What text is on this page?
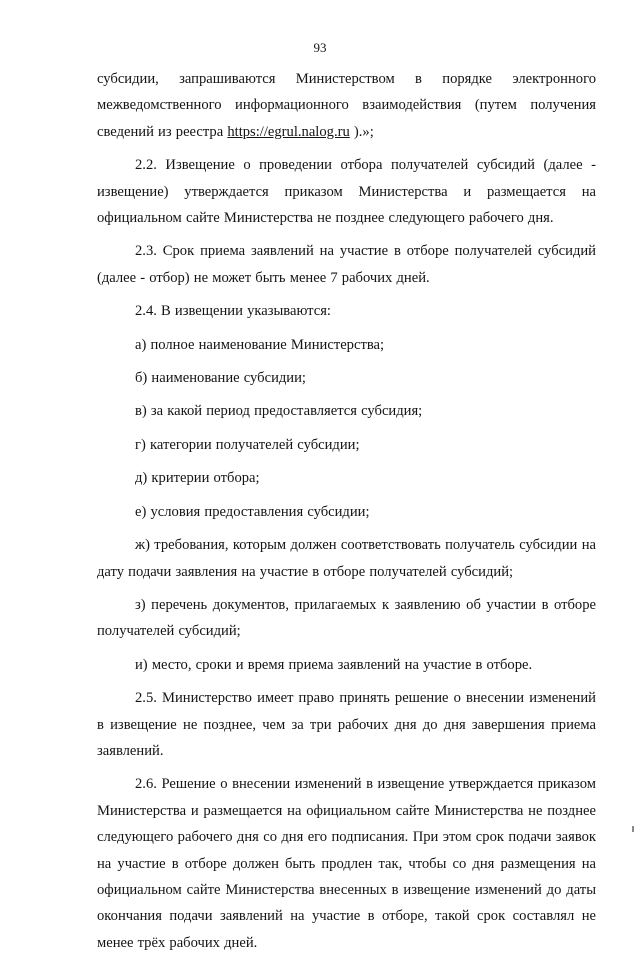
93

субсидии, запрашиваются Министерством в порядке электронного межведомственного информационного взаимодействия (путем получения сведений из реестра https://egrul.nalog.ru ).»;

2.2. Извещение о проведении отбора получателей субсидий (далее - извещение) утверждается приказом Министерства и размещается на официальном сайте Министерства не позднее следующего рабочего дня.

2.3. Срок приема заявлений на участие в отборе получателей субсидий (далее - отбор) не может быть менее 7 рабочих дней.

2.4. В извещении указываются:

а) полное наименование Министерства;

б) наименование субсидии;

в) за какой период предоставляется субсидия;

г) категории получателей субсидии;

д) критерии отбора;

е) условия предоставления субсидии;

ж) требования, которым должен соответствовать получатель субсидии на дату подачи заявления на участие в отборе получателей субсидий;

з) перечень документов, прилагаемых к заявлению об участии в отборе получателей субсидий;

и) место, сроки и время приема заявлений на участие в отборе.

2.5. Министерство имеет право принять решение о внесении изменений в извещение не позднее, чем за три рабочих дня до дня завершения приема заявлений.

2.6. Решение о внесении изменений в извещение утверждается приказом Министерства и размещается на официальном сайте Министерства не позднее следующего рабочего дня со дня его подписания. При этом срок подачи заявок на участие в отборе должен быть продлен так, чтобы со дня размещения на официальном сайте Министерства внесенных в извещение изменений до даты окончания подачи заявлений на участие в отборе, такой срок составлял не менее трёх рабочих дней.
